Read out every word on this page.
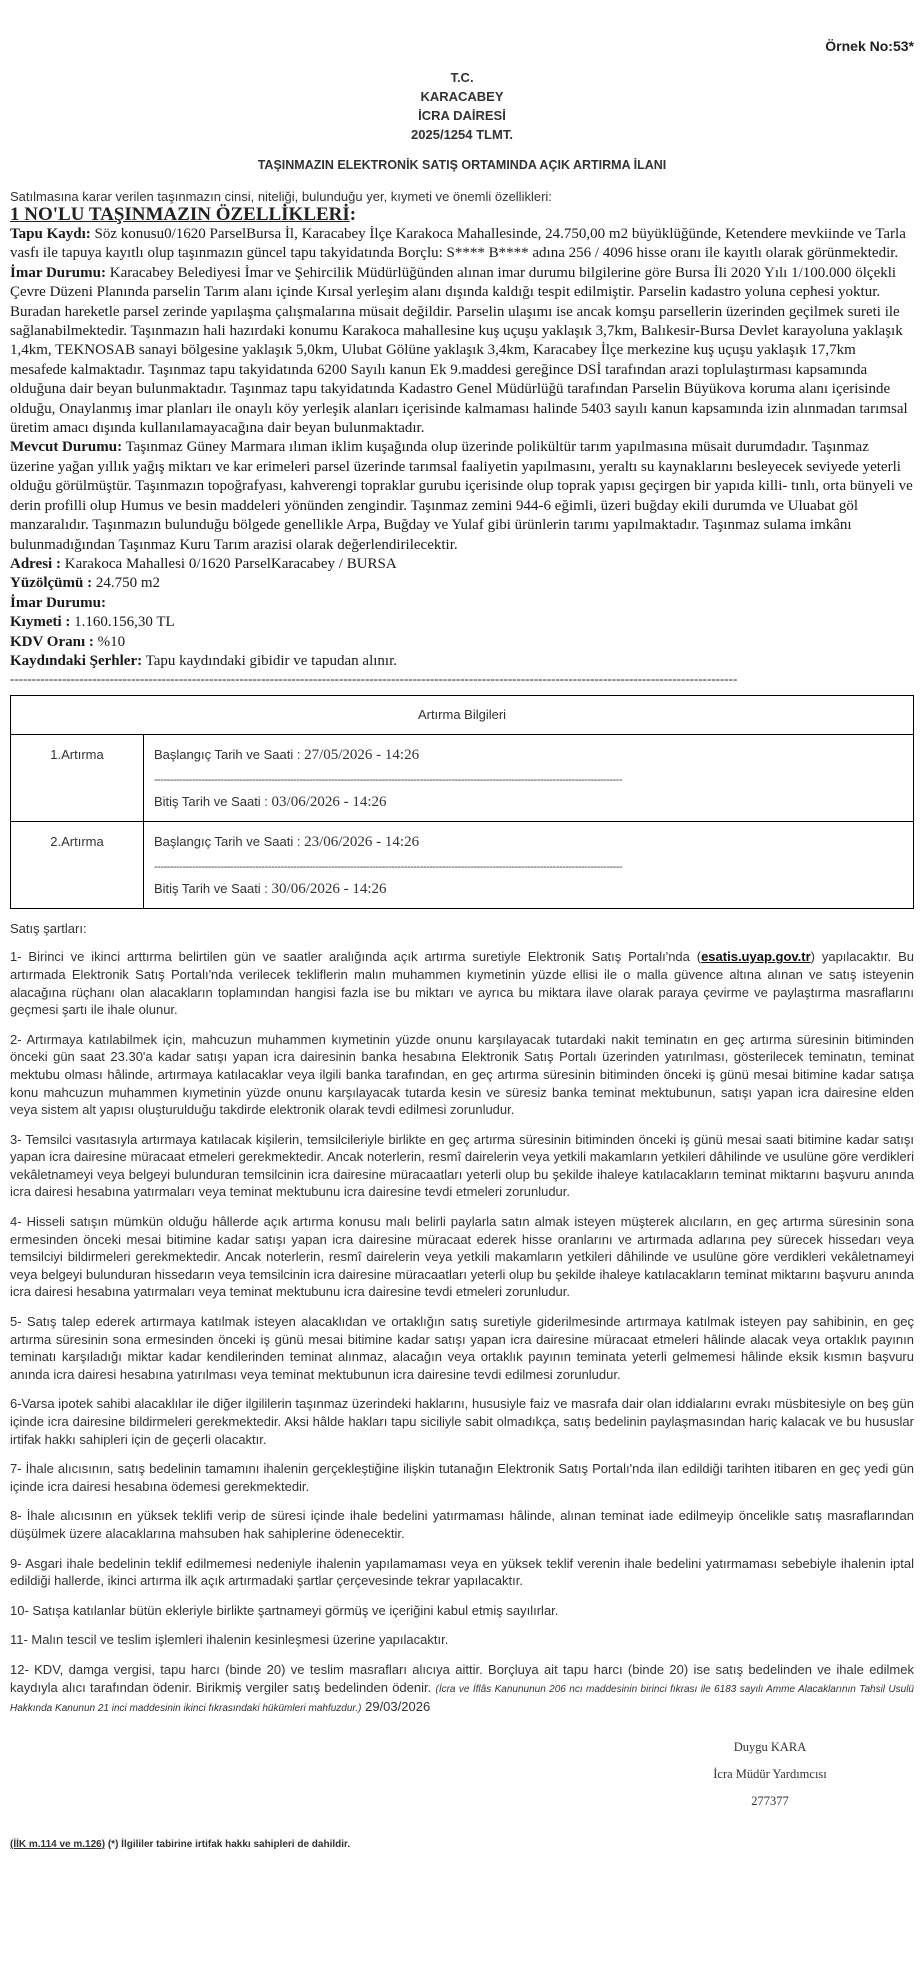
Örnek No:53*
T.C.
KARACABEY
İCRA DAİRESİ
2025/1254 TLMT.
TAŞINMAZIN ELEKTRONİK SATIŞ ORTAMINDA AÇIK ARTIRMA İLANI
Satılmasına karar verilen taşınmazın cinsi, niteliği, bulunduğu yer, kıymeti ve önemli özellikleri:
1 NO'LU TAŞINMAZIN ÖZELLİKLERİ:

Tapu Kaydı: Söz konusu0/1620 ParselBursa İl, Karacabey İlçe Karakoca Mahallesinde, 24.750,00 m2 büyüklüğünde, Ketendere mevkiinde ve Tarla vasfı ile tapuya kayıtlı olup taşınmazın güncel tapu takyidatında Borçlu: S**** B**** adına 256 / 4096 hisse oranı ile kayıtlı olarak görünmektedir.

İmar Durumu: Karacabey Belediyesi İmar ve Şehircilik Müdürlüğünden alınan imar durumu bilgilerine göre Bursa İli 2020 Yılı 1/100.000 ölçekli Çevre Düzeni Planında parselin Tarım alanı içinde Kırsal yerleşim alanı dışında kaldığı tespit edilmiştir. Parselin kadastro yoluna cephesi yoktur. Buradan hareketle parsel zerinde yapılaşma çalışmalarına müsait değildir. Parselin ulaşımı ise ancak komşu parsellerin üzerinden geçilmek sureti ile sağlanabilmektedir. Taşınmazın hali hazırdaki konumu Karakoca mahallesine kuş uçuşu yaklaşık 3,7km, Balıkesir-Bursa Devlet karayoluna yaklaşık 1,4km, TEKNOSAB sanayi bölgesine yaklaşık 5,0km, Ulubat Gölüne yaklaşık 3,4km, Karacabey İlçe merkezine kuş uçuşu yaklaşık 17,7km mesafede kalmaktadır. Taşınmaz tapu takyidatında 6200 Sayılı kanun Ek 9.maddesi gereğince DSİ tarafından arazi toplulaştırması kapsamında olduğuna dair beyan bulunmaktadır. Taşınmaz tapu takyidatında Kadastro Genel Müdürlüğü tarafından Parselin Büyükova koruma alanı içerisinde olduğu, Onaylanmış imar planları ile onaylı köy yerleşik alanları içerisinde kalmaması halinde 5403 sayılı kanun kapsamında izin alınmadan tarımsal üretim amacı dışında kullanılamayacağına dair beyan bulunmaktadır.

Mevcut Durumu: Taşınmaz Güney Marmara ılıman iklim kuşağında olup üzerinde polikültür tarım yapılmasına müsait durumdadır. Taşınmaz üzerine yağan yıllık yağış miktarı ve kar erimeleri parsel üzerinde tarımsal faaliyetin yapılmasını, yeraltı su kaynaklarını besleyecek seviyede yeterli olduğu görülmüştür. Taşınmazın topoğrafyası, kahverengi topraklar gurubu içerisinde olup toprak yapısı geçirgen bir yapıda killi- tınlı, orta bünyeli ve derin profilli olup Humus ve besin maddeleri yönünden zengindir. Taşınmaz zemini 944-6 eğimli, üzeri buğday ekili durumda ve Uluabat göl manzaralıdır. Taşınmazın bulunduğu bölgede genellikle Arpa, Buğday ve Yulaf gibi ürünlerin tarımı yapılmaktadır. Taşınmaz sulama imkânı bulunmadığından Taşınmaz Kuru Tarım arazisi olarak değerlendirilecektir.

Adresi : Karakoca Mahallesi 0/1620 ParselKaracabey / BURSA

Yüzölçümü : 24.750 m2

İmar Durumu:

Kıymeti : 1.160.156,30 TL

KDV Oranı : %10

Kaydındaki Şerhler: Tapu kaydındaki gibidir ve tapudan alınır.

------------------------------------------------------------------------------------------------------------------------------------------------------------------------
Artırma Bilgileri	
1.Artırma	Başlangıç Tarih ve Saati : 27/05/2026 - 14:26
----------------------------------------------------------------------------------------------------------------------------------------------------
Bitiş Tarih ve Saati : 03/06/2026 - 14:26

2.Artırma	Başlangıç Tarih ve Saati : 23/06/2026 - 14:26
----------------------------------------------------------------------------------------------------------------------------------------------------
Bitiş Tarih ve Saati : 30/06/2026 - 14:26
Satış şartları:
1- Birinci ve ikinci arttırma belirtilen gün ve saatler aralığında açık artırma suretiyle Elektronik Satış Portalı'nda (esatis.uyap.gov.tr) yapılacaktır. Bu artırmada Elektronik Satış Portalı'nda verilecek tekliflerin malın muhammen kıymetinin yüzde ellisi ile o malla güvence altına alınan ve satış isteyenin alacağına rüçhanı olan alacakların toplamından hangisi fazla ise bu miktarı ve ayrıca bu miktara ilave olarak paraya çevirme ve paylaştırma masraflarını geçmesi şartı ile ihale olunur.
2- Artırmaya katılabilmek için, mahcuzun muhammen kıymetinin yüzde onunu karşılayacak tutardaki nakit teminatın en geç artırma süresinin bitiminden önceki gün saat 23.30'a kadar satışı yapan icra dairesinin banka hesabına Elektronik Satış Portalı üzerinden yatırılması, gösterilecek teminatın, teminat mektubu olması hâlinde, artırmaya katılacaklar veya ilgili banka tarafından, en geç artırma süresinin bitiminden önceki iş günü mesai bitimine kadar satışa konu mahcuzun muhammen kıymetinin yüzde onunu karşılayacak tutarda kesin ve süresiz banka teminat mektubunun, satışı yapan icra dairesine elden veya sistem alt yapısı oluşturulduğu takdirde elektronik olarak tevdi edilmesi zorunludur.
3- Temsilci vasıtasıyla artırmaya katılacak kişilerin, temsilcileriyle birlikte en geç artırma süresinin bitiminden önceki iş günü mesai saati bitimine kadar satışı yapan icra dairesine müracaat etmeleri gerekmektedir. Ancak noterlerin, resmî dairelerin veya yetkili makamların yetkileri dâhilinde ve usulüne göre verdikleri vekâletnameyi veya belgeyi bulunduran temsilcinin icra dairesine müracaatları yeterli olup bu şekilde ihaleye katılacakların teminat miktarını başvuru anında icra dairesi hesabına yatırmaları veya teminat mektubunu icra dairesine tevdi etmeleri zorunludur.
4- Hisseli satışın mümkün olduğu hâllerde açık artırma konusu malı belirli paylarla satın almak isteyen müşterek alıcıların, en geç artırma süresinin sona ermesinden önceki mesai bitimine kadar satışı yapan icra dairesine müracaat ederek hisse oranlarını ve artırmada adlarına pey sürecek hissedarı veya temsilciyi bildirmeleri gerekmektedir. Ancak noterlerin, resmî dairelerin veya yetkili makamların yetkileri dâhilinde ve usulüne göre verdikleri vekâletnameyi veya belgeyi bulunduran hissedarın veya temsilcinin icra dairesine müracaatları yeterli olup bu şekilde ihaleye katılacakların teminat miktarını başvuru anında icra dairesi hesabına yatırmaları veya teminat mektubunu icra dairesine tevdi etmeleri zorunludur.
5- Satış talep ederek artırmaya katılmak isteyen alacaklıdan ve ortaklığın satış suretiyle giderilmesinde artırmaya katılmak isteyen pay sahibinin, en geç artırma süresinin sona ermesinden önceki iş günü mesai bitimine kadar satışı yapan icra dairesine müracaat etmeleri hâlinde alacak veya ortaklık payının teminatı karşıladığı miktar kadar kendilerinden teminat alınmaz, alacağın veya ortaklık payının teminata yeterli gelmemesi hâlinde eksik kısmın başvuru anında icra dairesi hesabına yatırılması veya teminat mektubunun icra dairesine tevdi edilmesi zorunludur.
6-Varsa ipotek sahibi alacaklılar ile diğer ilgililerin taşınmaz üzerindeki haklarını, hususiyle faiz ve masrafa dair olan iddialarını evrakı müsbitesiyle on beş gün içinde icra dairesine bildirmeleri gerekmektedir. Aksi hâlde hakları tapu siciliyle sabit olmadıkça, satış bedelinin paylaşmasından hariç kalacak ve bu hususlar irtifak hakkı sahipleri için de geçerli olacaktır.
7- İhale alıcısının, satış bedelinin tamamını ihalenin gerçekleştiğine ilişkin tutanağın Elektronik Satış Portalı'nda ilan edildiği tarihten itibaren en geç yedi gün içinde icra dairesi hesabına ödemesi gerekmektedir.
8- İhale alıcısının en yüksek teklifi verip de süresi içinde ihale bedelini yatırmaması hâlinde, alınan teminat iade edilmeyip öncelikle satış masraflarından düşülmek üzere alacaklarına mahsuben hak sahiplerine ödenecektir.
9- Asgari ihale bedelinin teklif edilmemesi nedeniyle ihalenin yapılamaması veya en yüksek teklif verenin ihale bedelini yatırmaması sebebiyle ihalenin iptal edildiği hallerde, ikinci artırma ilk açık artırmadaki şartlar çerçevesinde tekrar yapılacaktır.
10- Satışa katılanlar bütün ekleriyle birlikte şartnameyi görmüş ve içeriğini kabul etmiş sayılırlar.
11- Malın tescil ve teslim işlemleri ihalenin kesinleşmesi üzerine yapılacaktır.
12- KDV, damga vergisi, tapu harcı (binde 20) ve teslim masrafları alıcıya aittir. Borçluya ait tapu harcı (binde 20) ise satış bedelinden ve ihale edilmek kaydıyla alıcı tarafından ödenir. Birikmiş vergiler satış bedelinden ödenir. (İcra ve İflâs Kanununun 206 ncı maddesinin birinci fıkrası ile 6183 sayılı Amme Alacaklarının Tahsil Usulü Hakkında Kanunun 21 inci maddesinin ikinci fıkrasındaki hükümleri mahfuzdur.) 29/03/2026
Duygu KARA
İcra Müdür Yardımcısı
277377
(İİK m.114 ve m.126) (*) İlgililer tabirine irtifak hakkı sahipleri de dahildir.
